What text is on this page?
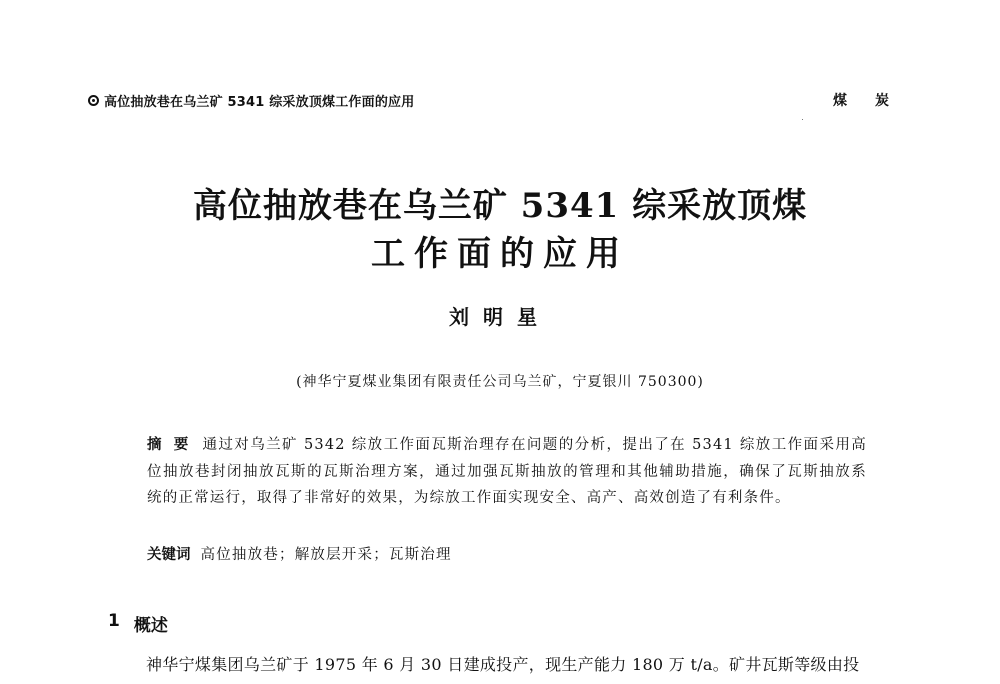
高位抽放巷在乌兰矿 5341 综采放顶煤工作面的应用	煤炭
高位抽放巷在乌兰矿 5341 综采放顶煤
工作面的应用
刘明星
(神华宁夏煤业集团有限责任公司乌兰矿，宁夏银川 750300)
摘要 通过对乌兰矿 5342 综放工作面瓦斯治理存在问题的分析，提出了在 5341 综放工作面采用高位抽放巷封闭抽放瓦斯的瓦斯治理方案，通过加强瓦斯抽放的管理和其他辅助措施，确保了瓦斯抽放系统的正常运行，取得了非常好的效果，为综放工作面实现安全、高产、高效创造了有利条件。
关键词 高位抽放巷；解放层开采；瓦斯治理
1 概述
神华宁煤集团乌兰矿于 1975 年 6 月 30 日建成投产，现生产能力 180 万 t/a。矿井瓦斯等级由投
